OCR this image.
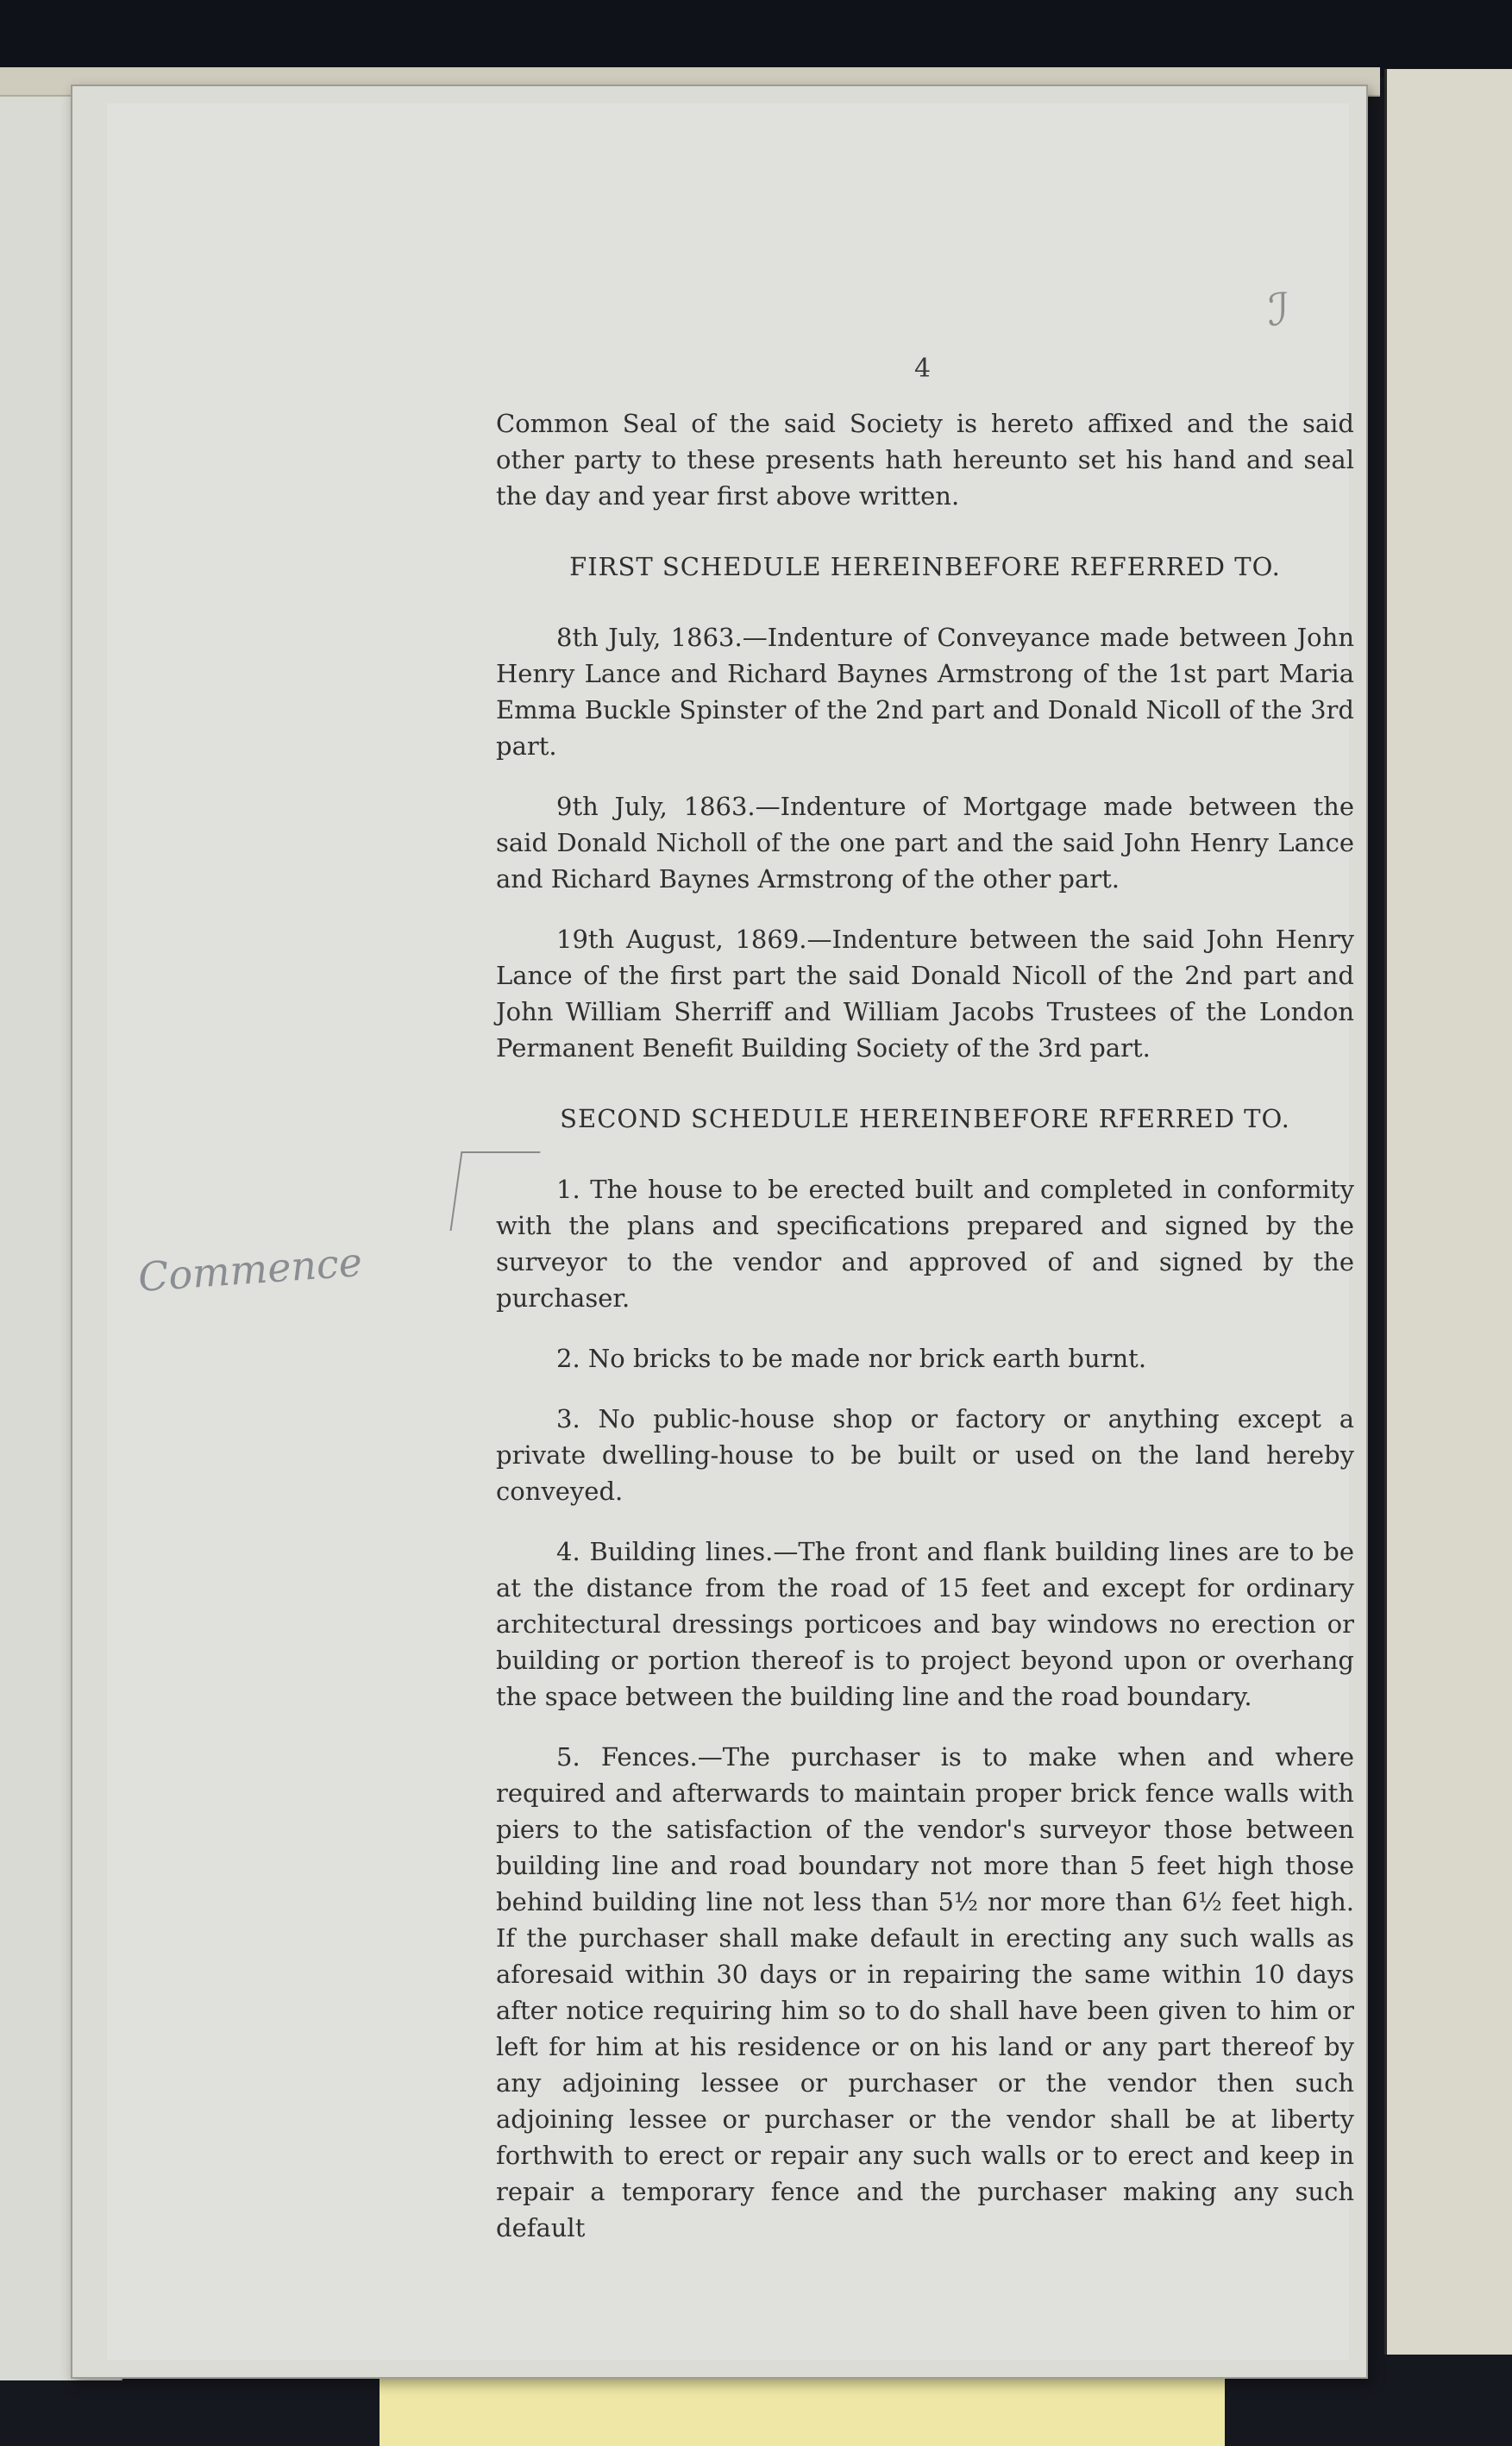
4
ℐ
Commence

Common Seal of the said Society is hereto affixed and the said other party to these presents hath hereunto set his hand and seal the day and year first above written.

FIRST SCHEDULE HEREINBEFORE REFERRED TO.

8th July, 1863.—Indenture of Conveyance made between John Henry Lance and Richard Baynes Armstrong of the 1st part Maria Emma Buckle Spinster of the 2nd part and Donald Nicoll of the 3rd part.

9th July, 1863.—Indenture of Mortgage made between the said Donald Nicholl of the one part and the said John Henry Lance and Richard Baynes Armstrong of the other part.

19th August, 1869.—Indenture between the said John Henry Lance of the first part the said Donald Nicoll of the 2nd part and John William Sherriff and William Jacobs Trustees of the London Permanent Benefit Building Society of the 3rd part.

SECOND SCHEDULE HEREINBEFORE RFERRED TO.

1. The house to be erected built and completed in conformity with the plans and specifications prepared and signed by the surveyor to the vendor and approved of and signed by the purchaser.

2. No bricks to be made nor brick earth burnt.

3. No public-house shop or factory or anything except a private dwelling-house to be built or used on the land hereby conveyed.

4. Building lines.—The front and flank building lines are to be at the distance from the road of 15 feet and except for ordinary architectural dressings porticoes and bay windows no erection or building or portion thereof is to project beyond upon or overhang the space between the building line and the road boundary.

5. Fences.—The purchaser is to make when and where required and afterwards to maintain proper brick fence walls with piers to the satisfaction of the vendor's surveyor those between building line and road boundary not more than 5 feet high those behind building line not less than 5½ nor more than 6½ feet high. If the purchaser shall make default in erecting any such walls as aforesaid within 30 days or in repairing the same within 10 days after notice requiring him so to do shall have been given to him or left for him at his residence or on his land or any part thereof by any adjoining lessee or purchaser or the vendor then such adjoining lessee or purchaser or the vendor shall be at liberty forthwith to erect or repair any such walls or to erect and keep in repair a temporary fence and the purchaser making any such default
